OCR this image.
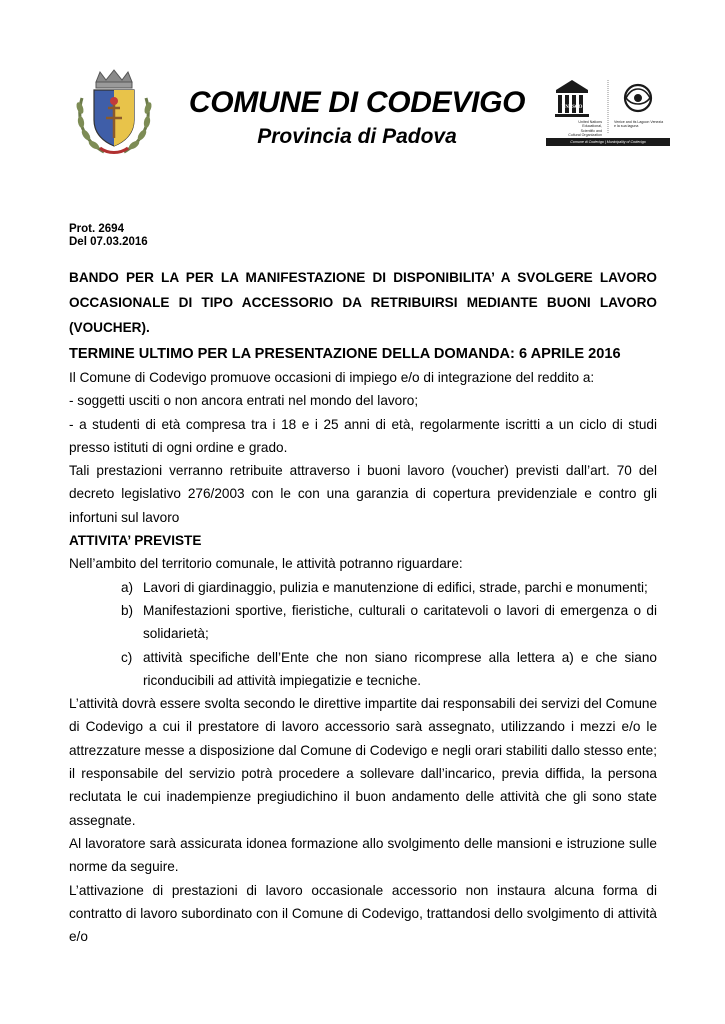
COMUNE DI CODEVIGO
Provincia di Padova
UNESCO
United Nations Educational, Scientific and Cultural Organization
Venice and its Lagoon Venezia e la sua laguna
Comune di Codevigo | Municipality of Codevigo
Prot. 2694
Del 07.03.2016

BANDO PER LA PER LA MANIFESTAZIONE DI DISPONIBILITA’ A SVOLGERE LAVORO OCCASIONALE DI TIPO ACCESSORIO DA RETRIBUIRSI MEDIANTE BUONI LAVORO (VOUCHER).

TERMINE ULTIMO PER LA PRESENTAZIONE DELLA DOMANDA: 6 APRILE 2016

Il Comune di Codevigo promuove occasioni di impiego e/o di integrazione del reddito a:

- soggetti usciti o non ancora entrati nel mondo del lavoro;

- a studenti di età compresa tra i 18 e i 25 anni di età, regolarmente iscritti a un ciclo di studi presso istituti di ogni ordine e grado.

Tali prestazioni verranno retribuite attraverso i buoni lavoro (voucher) previsti dall’art. 70 del decreto legislativo 276/2003 con le con una garanzia di copertura previdenziale e contro gli infortuni sul lavoro

ATTIVITA’ PREVISTE

Nell’ambito del territorio comunale, le attività potranno riguardare:

a) Lavori di giardinaggio, pulizia e manutenzione di edifici, strade, parchi e monumenti;
b) Manifestazioni sportive, fieristiche, culturali o caritatevoli o lavori di emergenza o di solidarietà;
c) attività specifiche dell’Ente che non siano ricomprese alla lettera a) e che siano riconducibili ad attività impiegatizie e tecniche.

L’attività dovrà essere svolta secondo le direttive impartite dai responsabili dei servizi del Comune di Codevigo a cui il prestatore di lavoro accessorio sarà assegnato, utilizzando i mezzi e/o le attrezzature messe a disposizione dal Comune di Codevigo e negli orari stabiliti dallo stesso ente; il responsabile del servizio potrà procedere a sollevare dall’incarico, previa diffida, la persona reclutata le cui inadempienze pregiudichino il buon andamento delle attività che gli sono state assegnate.

Al lavoratore sarà assicurata idonea formazione allo svolgimento delle mansioni e istruzione sulle norme da seguire.

L’attivazione di prestazioni di lavoro occasionale accessorio non instaura alcuna forma di contratto di lavoro subordinato con il Comune di Codevigo, trattandosi dello svolgimento di attività e/o
